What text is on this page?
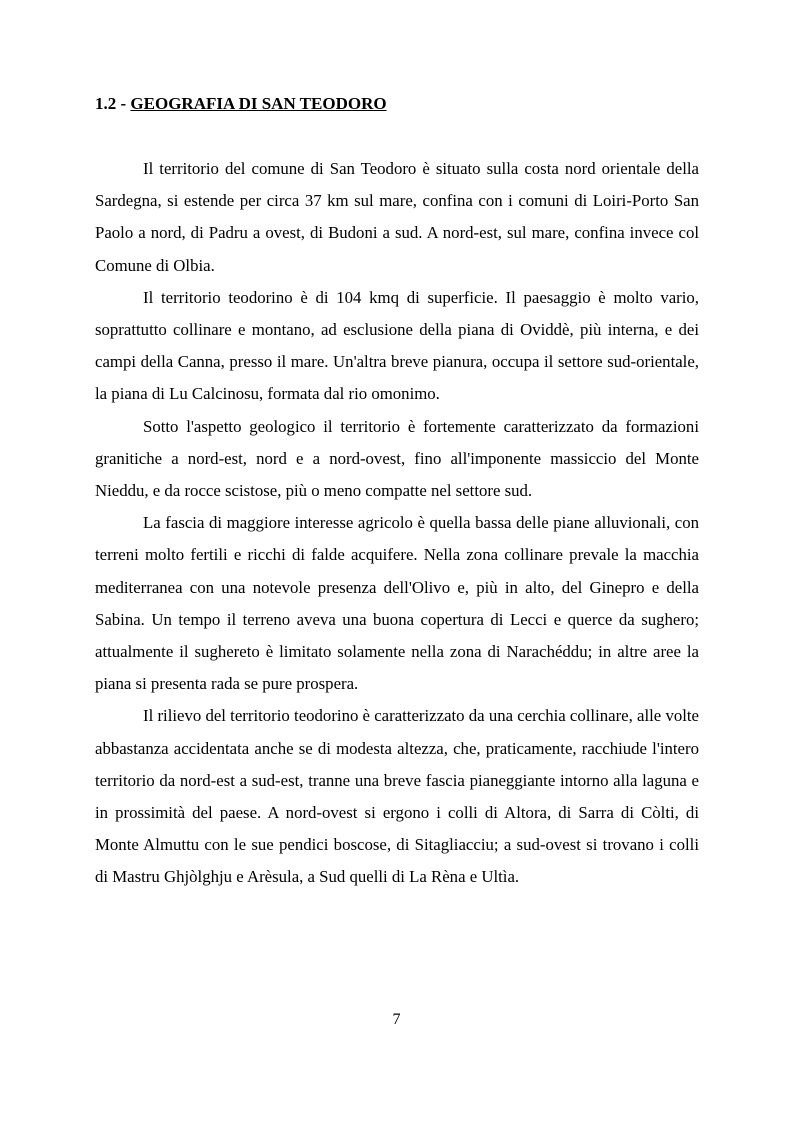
1.2 - GEOGRAFIA DI SAN TEODORO

Il territorio del comune di San Teodoro è situato sulla costa nord orientale della Sardegna, si estende per circa 37 km sul mare, confina con i comuni di Loiri-Porto San Paolo a nord, di Padru a ovest, di Budoni a sud. A nord-est, sul mare, confina invece col Comune di Olbia.

Il territorio teodorino è di 104 kmq di superficie. Il paesaggio è molto vario, soprattutto collinare e montano, ad esclusione della piana di Oviddè, più interna, e dei campi della Canna, presso il mare. Un'altra breve pianura, occupa il settore sud-orientale, la piana di Lu Calcinosu, formata dal rio omonimo.

Sotto l'aspetto geologico il territorio è fortemente caratterizzato da formazioni granitiche a nord-est, nord e a nord-ovest, fino all'imponente massiccio del Monte Nieddu, e da rocce scistose, più o meno compatte nel settore sud.

La fascia di maggiore interesse agricolo è quella bassa delle piane alluvionali, con terreni molto fertili e ricchi di falde acquifere. Nella zona collinare prevale la macchia mediterranea con una notevole presenza dell'Olivo e, più in alto, del Ginepro e della Sabina. Un tempo il terreno aveva una buona copertura di Lecci e querce da sughero; attualmente il sughereto è limitato solamente nella zona di Narachéddu; in altre aree la piana si presenta rada se pure prospera.

Il rilievo del territorio teodorino è caratterizzato da una cerchia collinare, alle volte abbastanza accidentata anche se di modesta altezza, che, praticamente, racchiude l'intero territorio da nord-est a sud-est, tranne una breve fascia pianeggiante intorno alla laguna e in prossimità del paese. A nord-ovest si ergono i colli di Altora, di Sarra di Còlti, di Monte Almuttu con le sue pendici boscose, di Sitagliacciu; a sud-ovest si trovano i colli di Mastru Ghjòlghju e Arèsula, a Sud quelli di La Rèna e Ultìa.

7
